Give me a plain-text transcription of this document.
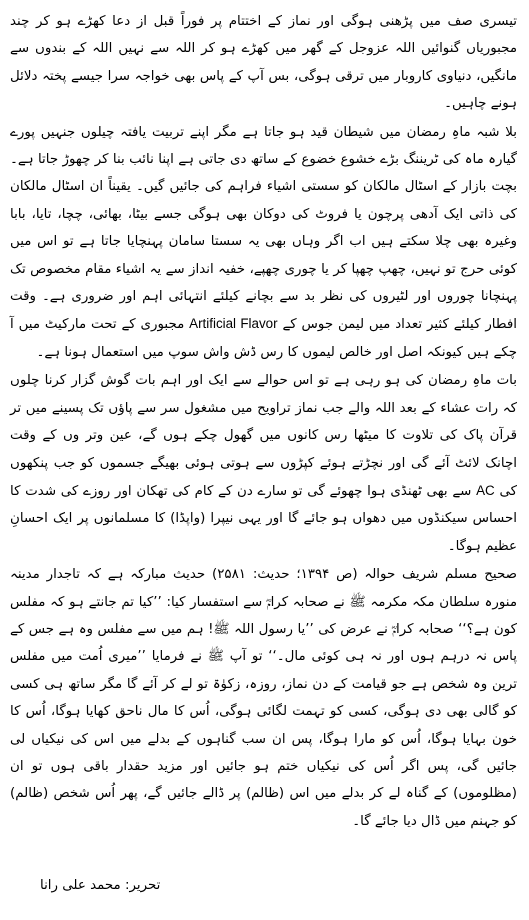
تیسری صف میں پڑھنی ہوگی اور نماز کے اختتام پر فوراً قبل از دعا کھڑے ہو کر چند مجبوریاں گنوائیں اللہ عزوجل کے گھر میں کھڑے ہو کر اللہ سے نہیں اللہ کے بندوں سے مانگیں، دنیاوی کاروبار میں ترقی ہوگی، بس آپ کے پاس بھی خواجہ سرا جیسے پختہ دلائل ہونے چاہیں۔

بلا شبہ ماہِ رمضان میں شیطان قید ہو جاتا ہے مگر اپنے تربیت یافتہ چیلوں جنہیں پورے گیارہ ماہ کی ٹریننگ بڑے خشوع خضوع کے ساتھ دی جاتی ہے اپنا نائب بنا کر چھوڑ جاتا ہے۔ بچت بازار کے اسٹال مالکان کو سستی اشیاء فراہم کی جائیں گیں۔ یقیناً ان اسٹال مالکان کی ذاتی ایک آدھی پرچون یا فروٹ کی دوکان بھی ہوگی جسے بیٹا، بھائی، چچا، تایا، بابا وغیرہ بھی چلا سکتے ہیں اب اگر وہاں بھی یہ سستا سامان پہنچایا جاتا ہے تو اس میں کوئی حرج تو نہیں، چھپ چھپا کر یا چوری چھپے، خفیہ انداز سے یہ اشیاء مقام مخصوص تک پہنچانا چوروں اور لٹیروں کی نظر بد سے بچانے کیلئے انتہائی اہم اور ضروری ہے۔ وقت افطار کیلئے کثیر تعداد میں لیمن جوس کے Artificial Flavor مجبوری کے تحت مارکیٹ میں آ چکے ہیں کیونکہ اصل اور خالص لیموں کا رس ڈش واش سوپ میں استعمال ہونا ہے۔

بات ماہِ رمضان کی ہو رہی ہے تو اس حوالے سے ایک اور اہم بات گوش گزار کرنا چلوں کہ رات عشاء کے بعد اللہ والے جب نماز تراویح میں مشغول سر سے پاؤں تک پسینے میں تر قرآن پاک کی تلاوت کا میٹھا رس کانوں میں گھول چکے ہوں گے، عین وتر وں کے وقت اچانک لائٹ آئے گی اور نچڑتے ہوئے کپڑوں سے ہوتی ہوئی بھیگے جسموں کو جب پنکھوں کی AC سے بھی ٹھنڈی ہوا چھوئے گی تو سارے دن کے کام کی تھکان اور روزے کی شدت کا احساس سیکنڈوں میں دھواں ہو جائے گا اور یہی نیپرا (واپڈا) کا مسلمانوں پر ایک احسانِ عظیم ہوگا۔

صحیح مسلم شریف حوالہ (ص ۱۳۹۴؛ حدیث: ۲۵۸۱) حدیث مبارکہ ہے کہ تاجدار مدینہ منورہ سلطان مکہ مکرمہ ﷺ نے صحابہ کرامؓ سے استفسار کیا: ’’کیا تم جانتے ہو کہ مفلس کون ہے؟‘‘ صحابہ کرامؓ نے عرض کی ’’یا رسول اللہ ﷺ! ہم میں سے مفلس وہ ہے جس کے پاس نہ درہم ہوں اور نہ ہی کوئی مال۔‘‘ تو آپ ﷺ نے فرمایا ’’میری اُمت میں مفلس ترین وہ شخص ہے جو قیامت کے دن نماز، روزہ، زکوٰۃ تو لے کر آئے گا مگر ساتھ ہی کسی کو گالی بھی دی ہوگی، کسی کو تہمت لگائی ہوگی، اُس کا مال ناحق کھایا ہوگا، اُس کا خون بہایا ہوگا، اُس کو مارا ہوگا، پس ان سب گناہوں کے بدلے میں اس کی نیکیاں لی جائیں گی، پس اگر اُس کی نیکیاں ختم ہو جائیں اور مزید حقدار باقی ہوں تو ان (مظلوموں) کے گناہ لے کر بدلے میں اس (ظالم) پر ڈالے جائیں گے، پھر اُس شخص (ظالم) کو جہنم میں ڈال دیا جائے گا۔

تحریر: محمد علی رانا
